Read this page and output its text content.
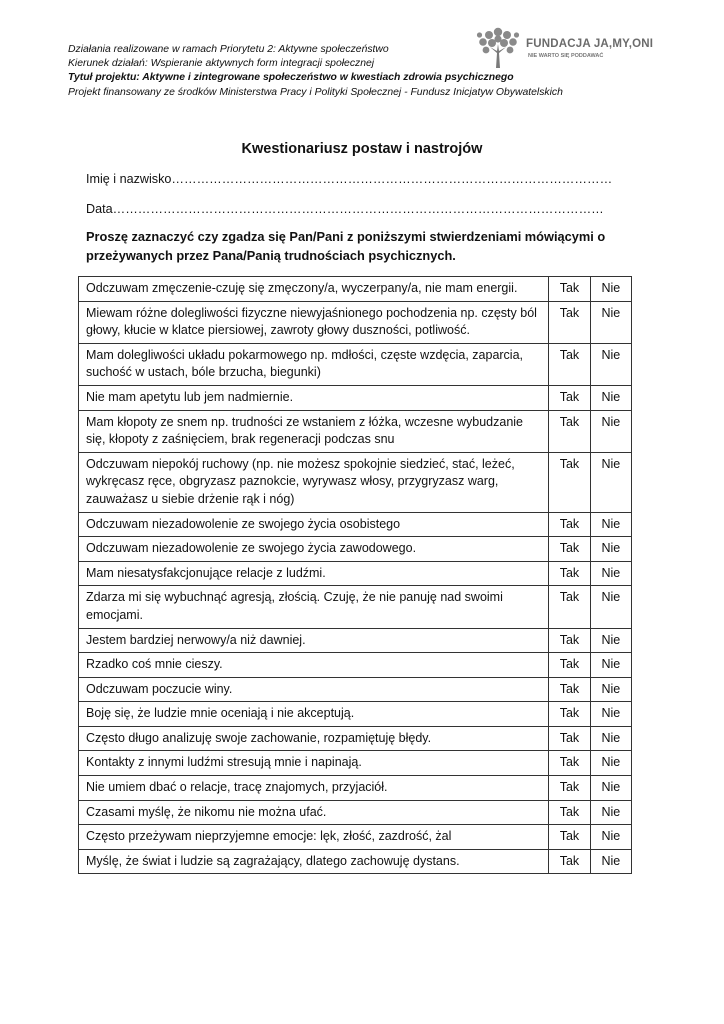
Działania realizowane w ramach Priorytetu 2: Aktywne społeczeństwo
Kierunek działań: Wspieranie aktywnych form integracji społecznej
Tytuł projektu: Aktywne i zintegrowane społeczeństwo w kwestiach zdrowia psychicznego
Projekt finansowany ze środków Ministerstwa Pracy i Polityki Społecznej - Fundusz Inicjatyw Obywatelskich
FUNDACJA JA,MY,ONI
NIE WARTO SIĘ PODDAWAĆ
Kwestionariusz postaw i nastrojów
Imię i nazwisko……………………………………………………………………………………………
Data………………………………………………………………………………………………………
Proszę zaznaczyć czy zgadza się Pan/Pani z poniższymi stwierdzeniami mówiącymi o przeżywanych przez Pana/Panią trudnościach psychicznych.
Odczuwam zmęczenie-czuję się zmęczony/a, wyczerpany/a, nie mam energii.	Tak	Nie
Miewam różne dolegliwości fizyczne niewyjaśnionego pochodzenia np. częsty ból głowy, kłucie w klatce piersiowej, zawroty głowy duszności, potliwość.	Tak	Nie
Mam dolegliwości układu pokarmowego np. mdłości, częste wzdęcia, zaparcia, suchość w ustach, bóle brzucha, biegunki)	Tak	Nie
Nie mam apetytu lub jem nadmiernie.	Tak	Nie
Mam kłopoty ze snem np. trudności ze wstaniem z łóżka, wczesne wybudzanie się, kłopoty z zaśnięciem, brak regeneracji podczas snu	Tak	Nie
Odczuwam niepokój ruchowy (np. nie możesz spokojnie siedzieć, stać, leżeć, wykręcasz ręce, obgryzasz paznokcie, wyrywasz włosy, przygryzasz warg, zauważasz u siebie drżenie rąk i nóg)	Tak	Nie
Odczuwam niezadowolenie ze swojego życia osobistego	Tak	Nie
Odczuwam niezadowolenie ze swojego życia zawodowego.	Tak	Nie
Mam niesatysfakcjonujące relacje z ludźmi.	Tak	Nie
Zdarza mi się wybuchnąć agresją, złością. Czuję, że nie panuję nad swoimi emocjami.	Tak	Nie
Jestem bardziej nerwowy/a niż dawniej.	Tak	Nie
Rzadko coś mnie cieszy.	Tak	Nie
Odczuwam poczucie winy.	Tak	Nie
Boję się, że ludzie mnie oceniają i nie akceptują.	Tak	Nie
Często długo analizuję swoje zachowanie, rozpamiętuję błędy.	Tak	Nie
Kontakty z innymi ludźmi stresują mnie i napinają.	Tak	Nie
Nie umiem dbać o relacje, tracę znajomych, przyjaciół.	Tak	Nie
Czasami myślę, że nikomu nie można ufać.	Tak	Nie
Często przeżywam nieprzyjemne emocje: lęk, złość, zazdrość, żal	Tak	Nie
Myślę, że świat i ludzie są zagrażający, dlatego zachowuję dystans.	Tak	Nie
